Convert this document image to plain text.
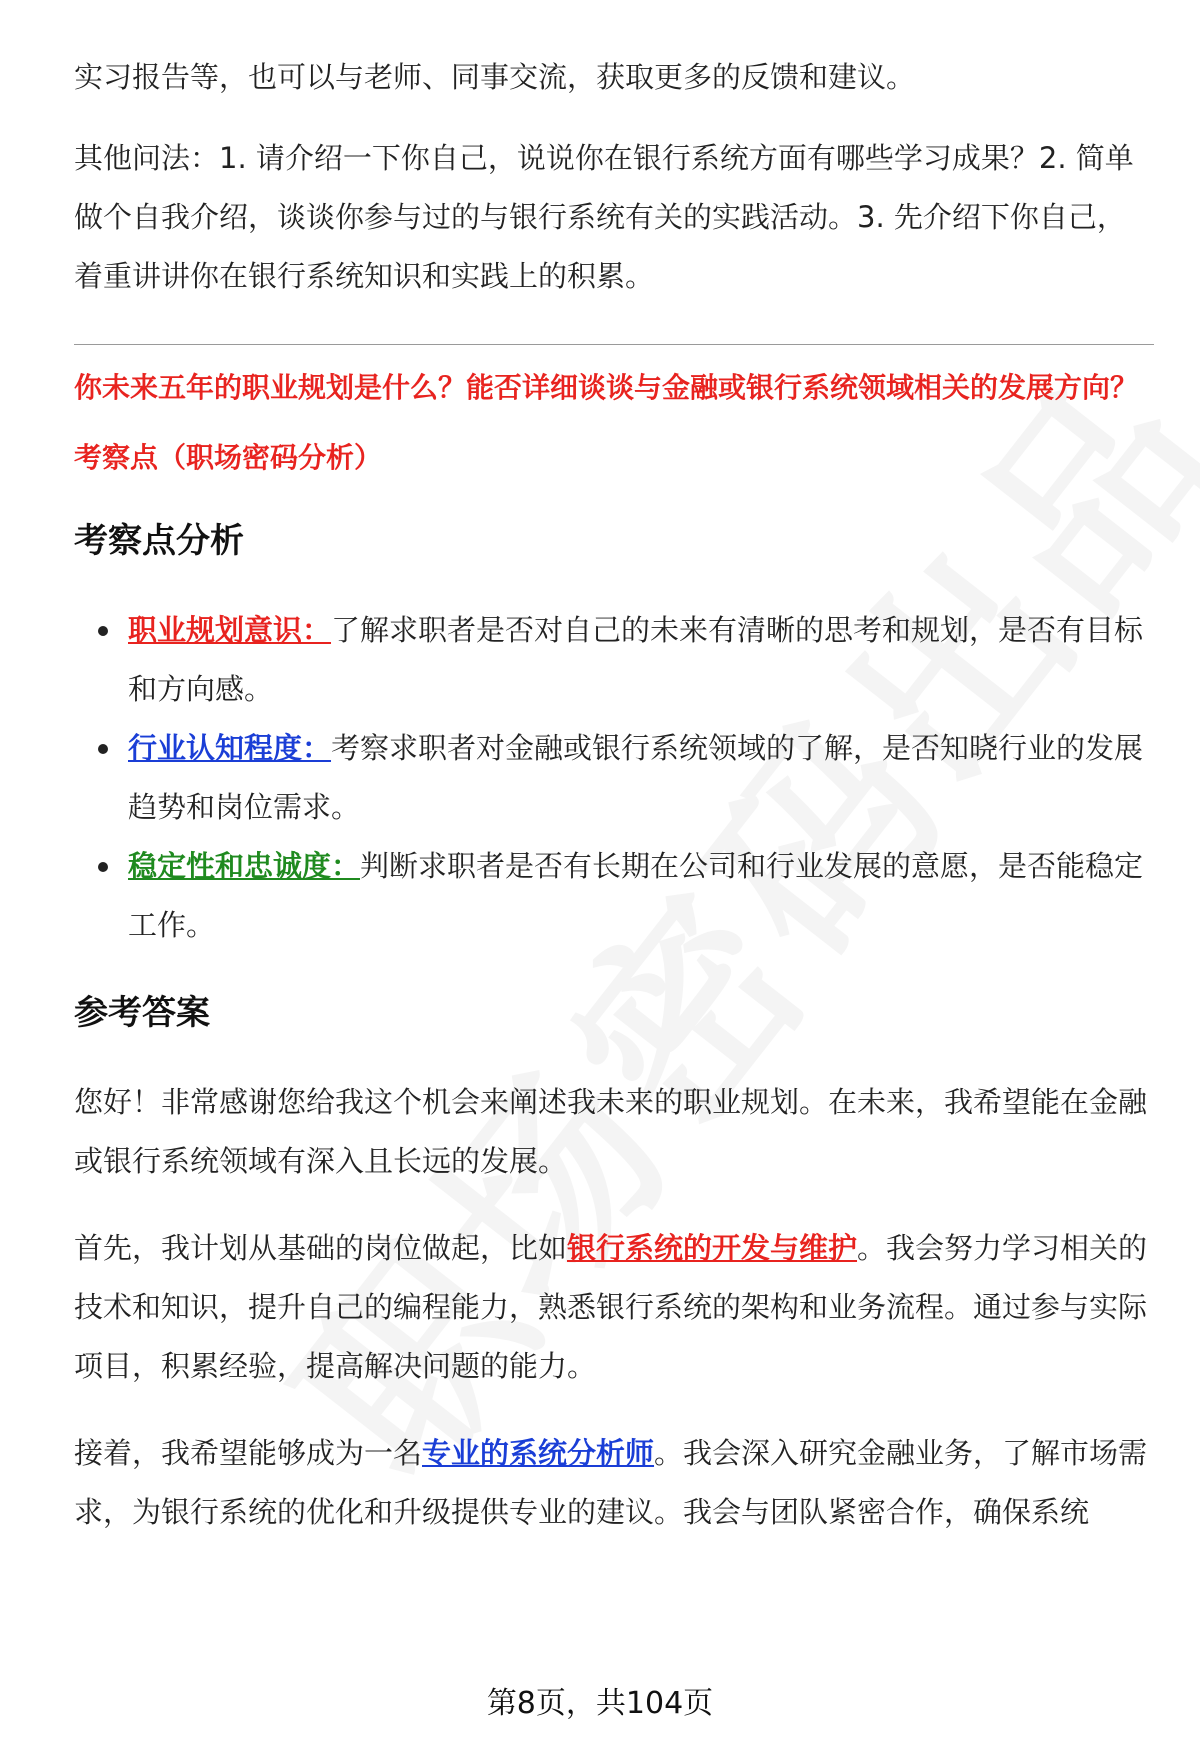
实习报告等，也可以与老师、同事交流，获取更多的反馈和建议。

其他问法：1. 请介绍一下你自己，说说你在银行系统方面有哪些学习成果？2. 简单做个自我介绍，谈谈你参与过的与银行系统有关的实践活动。3. 先介绍下你自己，着重讲讲你在银行系统知识和实践上的积累。

你未来五年的职业规划是什么？能否详细谈谈与金融或银行系统领域相关的发展方向？
考察点（职场密码分析）
考察点分析
职业规划意识：了解求职者是否对自己的未来有清晰的思考和规划，是否有目标和方向感。
行业认知程度：考察求职者对金融或银行系统领域的了解，是否知晓行业的发展趋势和岗位需求。
稳定性和忠诚度：判断求职者是否有长期在公司和行业发展的意愿，是否能稳定工作。
参考答案

您好！非常感谢您给我这个机会来阐述我未来的职业规划。在未来，我希望能在金融或银行系统领域有深入且长远的发展。

首先，我计划从基础的岗位做起，比如银行系统的开发与维护。我会努力学习相关的技术和知识，提升自己的编程能力，熟悉银行系统的架构和业务流程。通过参与实际项目，积累经验，提高解决问题的能力。

接着，我希望能够成为一名专业的系统分析师。我会深入研究金融业务，了解市场需求，为银行系统的优化和升级提供专业的建议。我会与团队紧密合作，确保系统

第8页，共104页
